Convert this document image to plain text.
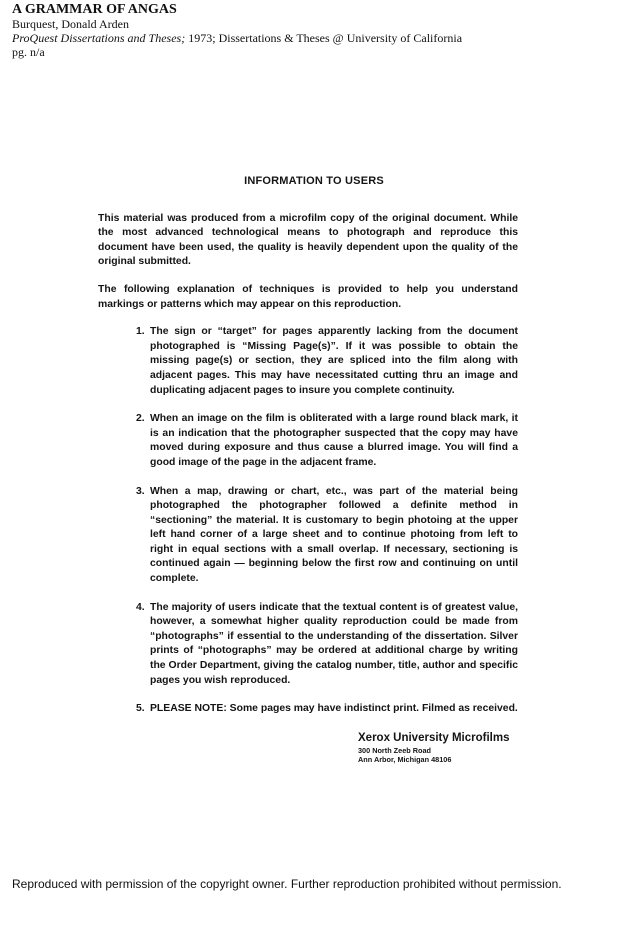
A GRAMMAR OF ANGAS
Burquest, Donald Arden
ProQuest Dissertations and Theses; 1973; Dissertations & Theses @ University of California
pg. n/a
INFORMATION TO USERS

This material was produced from a microfilm copy of the original document. While the most advanced technological means to photograph and reproduce this document have been used, the quality is heavily dependent upon the quality of the original submitted.

The following explanation of techniques is provided to help you understand markings or patterns which may appear on this reproduction.

1. The sign or “target” for pages apparently lacking from the document photographed is “Missing Page(s)”. If it was possible to obtain the missing page(s) or section, they are spliced into the film along with adjacent pages. This may have necessitated cutting thru an image and duplicating adjacent pages to insure you complete continuity.
2. When an image on the film is obliterated with a large round black mark, it is an indication that the photographer suspected that the copy may have moved during exposure and thus cause a blurred image. You will find a good image of the page in the adjacent frame.
3. When a map, drawing or chart, etc., was part of the material being photographed the photographer followed a definite method in “sectioning” the material. It is customary to begin photoing at the upper left hand corner of a large sheet and to continue photoing from left to right in equal sections with a small overlap. If necessary, sectioning is continued again — beginning below the first row and continuing on until complete.
4. The majority of users indicate that the textual content is of greatest value, however, a somewhat higher quality reproduction could be made from “photographs” if essential to the understanding of the dissertation. Silver prints of “photographs” may be ordered at additional charge by writing the Order Department, giving the catalog number, title, author and specific pages you wish reproduced.
5. PLEASE NOTE: Some pages may have indistinct print. Filmed as received.
Xerox University Microfilms
300 North Zeeb Road
Ann Arbor, Michigan 48106
Reproduced with permission of the copyright owner. Further reproduction prohibited without permission.
